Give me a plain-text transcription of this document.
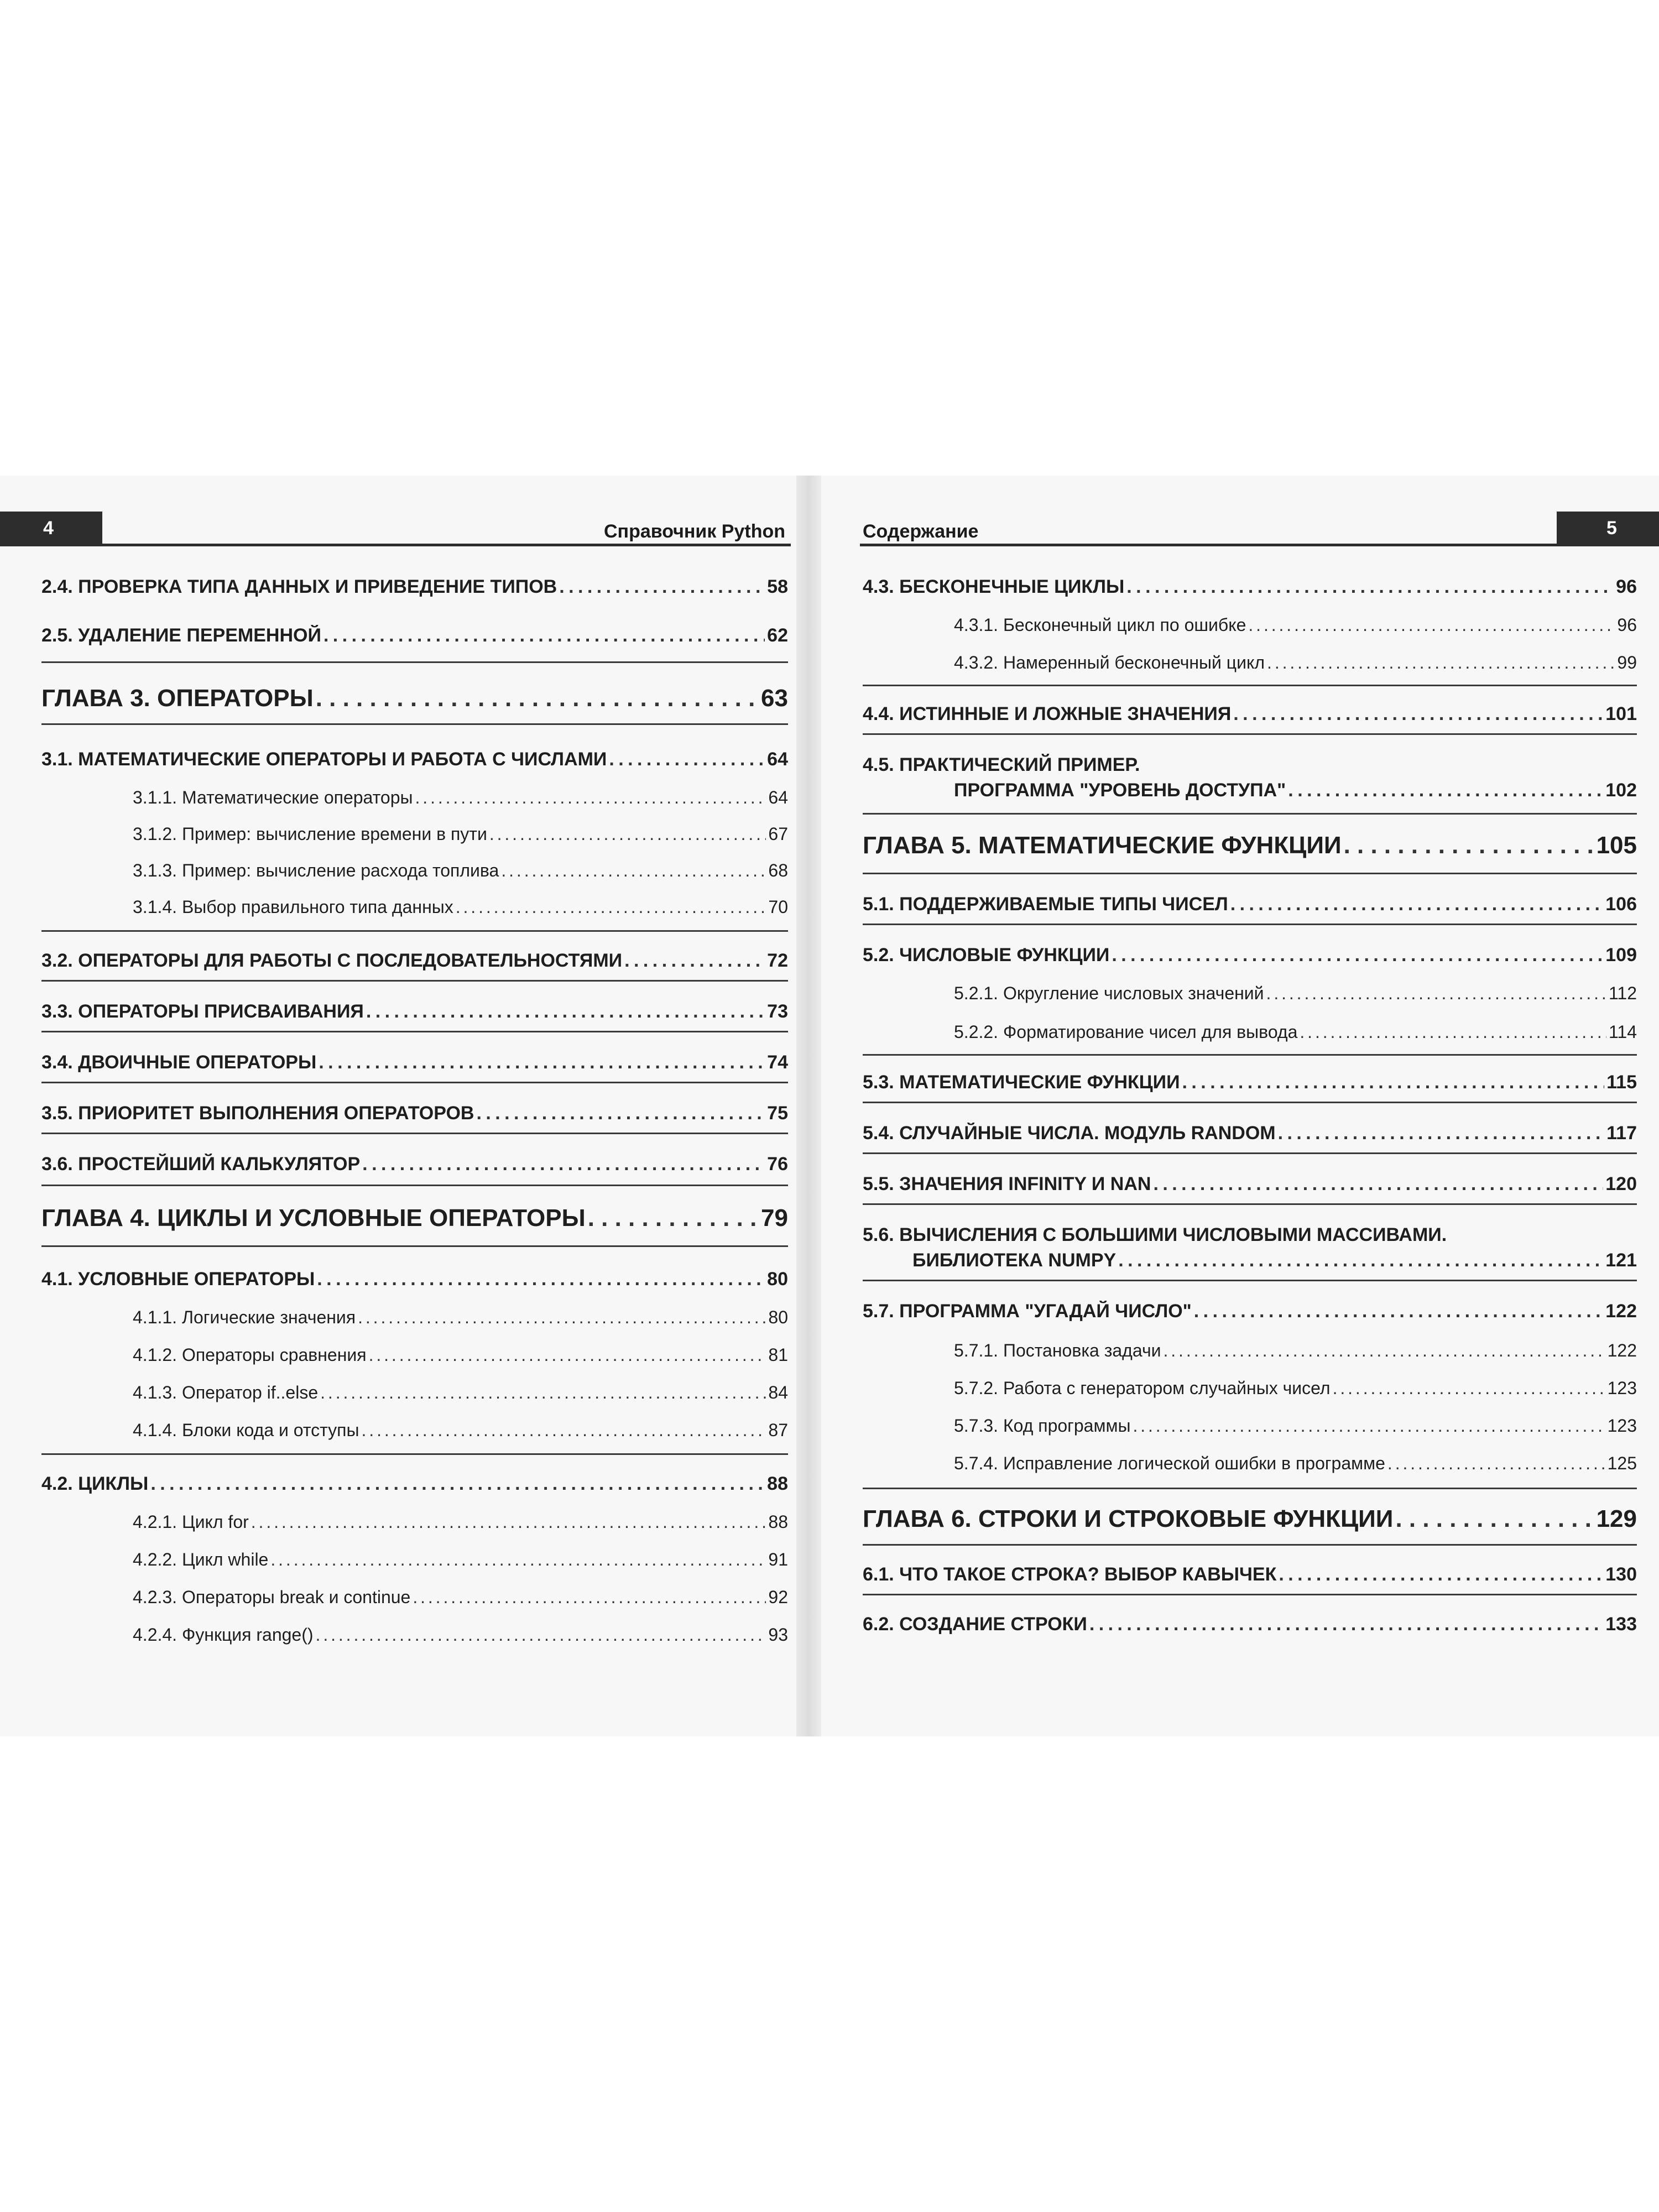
4	Справочник Python
2.4. ПРОВЕРКА ТИПА ДАННЫХ И ПРИВЕДЕНИЕ ТИПОВ . . .	58
2.5. УДАЛЕНИЕ ПЕРЕМЕННОЙ . . .	62
ГЛАВА 3. ОПЕРАТОРЫ . . .	63
3.1. МАТЕМАТИЧЕСКИЕ ОПЕРАТОРЫ И РАБОТА С ЧИСЛАМИ . . .	64
3.1.1. Математические операторы . . .	64
3.1.2. Пример: вычисление времени в пути . . .	67
3.1.3. Пример: вычисление расхода топлива . . .	68
3.1.4. Выбор правильного типа данных . . .	70
3.2. ОПЕРАТОРЫ ДЛЯ РАБОТЫ С ПОСЛЕДОВАТЕЛЬНОСТЯМИ . . .	72
3.3. ОПЕРАТОРЫ ПРИСВАИВАНИЯ . . .	73
3.4. ДВОИЧНЫЕ ОПЕРАТОРЫ . . .	74
3.5. ПРИОРИТЕТ ВЫПОЛНЕНИЯ ОПЕРАТОРОВ . . .	75
3.6. ПРОСТЕЙШИЙ КАЛЬКУЛЯТОР . . .	76
ГЛАВА 4. ЦИКЛЫ И УСЛОВНЫЕ ОПЕРАТОРЫ . . .	79
4.1. УСЛОВНЫЕ ОПЕРАТОРЫ . . .	80
4.1.1. Логические значения . . .	80
4.1.2. Операторы сравнения . . .	81
4.1.3. Оператор if..else . . .	84
4.1.4. Блоки кода и отступы . . .	87
4.2. ЦИКЛЫ . . .	88
4.2.1. Цикл for . . .	88
4.2.2. Цикл while . . .	91
4.2.3. Операторы break и continue . . .	92
4.2.4. Функция range() . . .	93
Содержание	5
4.3. БЕСКОНЕЧНЫЕ ЦИКЛЫ . . .	96
4.3.1. Бесконечный цикл по ошибке . . .	96
4.3.2. Намеренный бесконечный цикл . . .	99
4.4. ИСТИННЫЕ И ЛОЖНЫЕ ЗНАЧЕНИЯ . . .	101
4.5. ПРАКТИЧЕСКИЙ ПРИМЕР.
ПРОГРАММА "УРОВЕНЬ ДОСТУПА" . . .	102
ГЛАВА 5. МАТЕМАТИЧЕСКИЕ ФУНКЦИИ . . .	105
5.1. ПОДДЕРЖИВАЕМЫЕ ТИПЫ ЧИСЕЛ . . .	106
5.2. ЧИСЛОВЫЕ ФУНКЦИИ . . .	109
5.2.1. Округление числовых значений . . .	112
5.2.2. Форматирование чисел для вывода . . .	114
5.3. МАТЕМАТИЧЕСКИЕ ФУНКЦИИ . . .	115
5.4. СЛУЧАЙНЫЕ ЧИСЛА. МОДУЛЬ RANDOM . . .	117
5.5. ЗНАЧЕНИЯ INFINITY И NAN . . .	120
5.6. ВЫЧИСЛЕНИЯ С БОЛЬШИМИ ЧИСЛОВЫМИ МАССИВАМИ.
БИБЛИОТЕКА NUMPY . . .	121
5.7. ПРОГРАММА "УГАДАЙ ЧИСЛО" . . .	122
5.7.1. Постановка задачи . . .	122
5.7.2. Работа с генератором случайных чисел . . .	123
5.7.3. Код программы . . .	123
5.7.4. Исправление логической ошибки в программе . . .	125
ГЛАВА 6. СТРОКИ И СТРОКОВЫЕ ФУНКЦИИ . . .	129
6.1. ЧТО ТАКОЕ СТРОКА? ВЫБОР КАВЫЧЕК . . .	130
6.2. СОЗДАНИЕ СТРОКИ . . .	133
